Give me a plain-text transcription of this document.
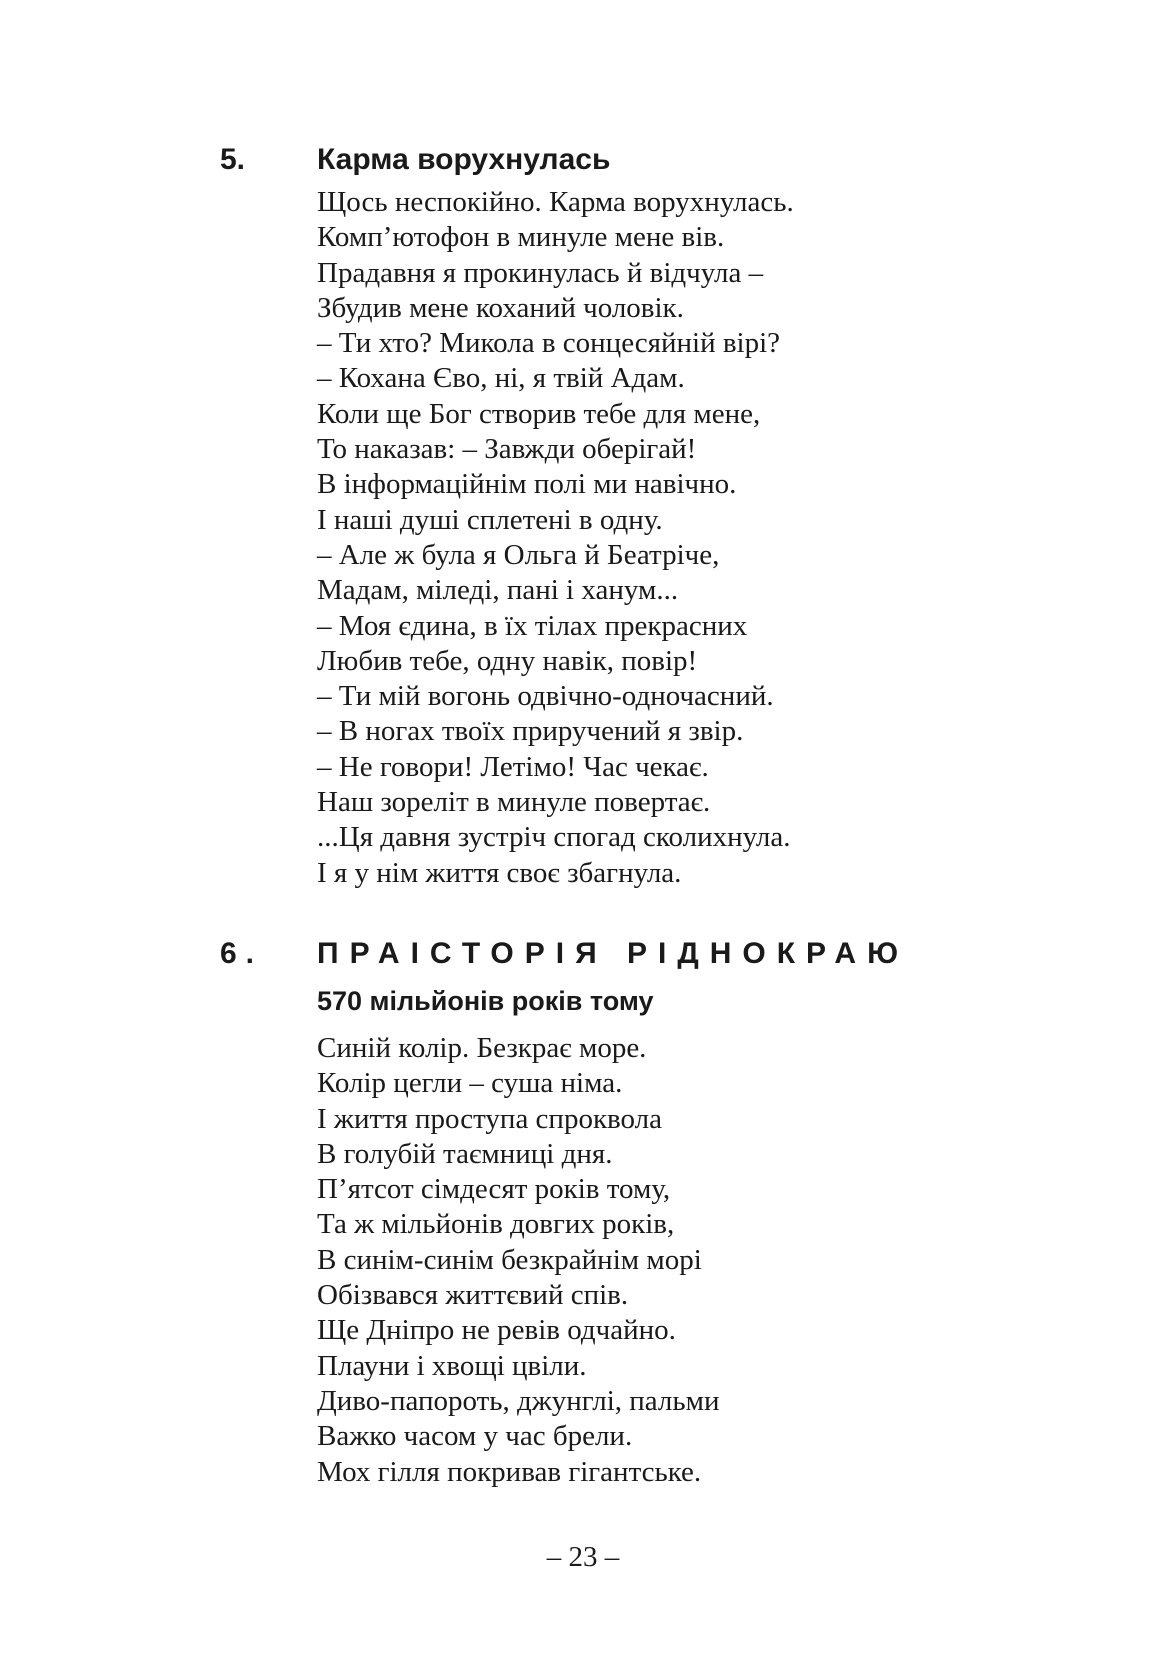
5. Карма ворухнулась
Щось неспокійно. Карма ворухнулась.
Комп’ютофон в минуле мене вів.
Прадавня я прокинулась й відчула –
Збудив мене коханий чоловік.
– Ти хто? Микола в сонцесяйній вірі?
– Кохана Єво, ні, я твій Адам.
Коли ще Бог створив тебе для мене,
То наказав: – Завжди оберігай!
В інформаційнім полі ми навічно.
І наші душі сплетені в одну.
– Але ж була я Ольга й Беатріче,
Мадам, міледі, пані і ханум...
– Моя єдина, в їх тілах прекрасних
Любив тебе, одну навік, повір!
– Ти мій вогонь одвічно-одночасний.
– В ногах твоїх приручений я звір.
– Не говори! Летімо! Час чекає.
Наш зореліт в минуле повертає.
...Ця давня зустріч спогад сколихнула.
І я у нім життя своє збагнула.
6. ПРАІСТОРІЯ РІДНОКРАЮ
570 мільйонів років тому
Синій колір. Безкрає море.
Колір цегли – суша німа.
І життя проступа спроквола
В голубій таємниці дня.
П’ятсот сімдесят років тому,
Та ж мільйонів довгих років,
В синім-синім безкрайнім морі
Обізвався життєвий спів.
Ще Дніпро не ревів одчайно.
Плауни і хвощі цвіли.
Диво-папороть, джунглі, пальми
Важко часом у час брели.
Мох гілля покривав гігантське.
– 23 –
